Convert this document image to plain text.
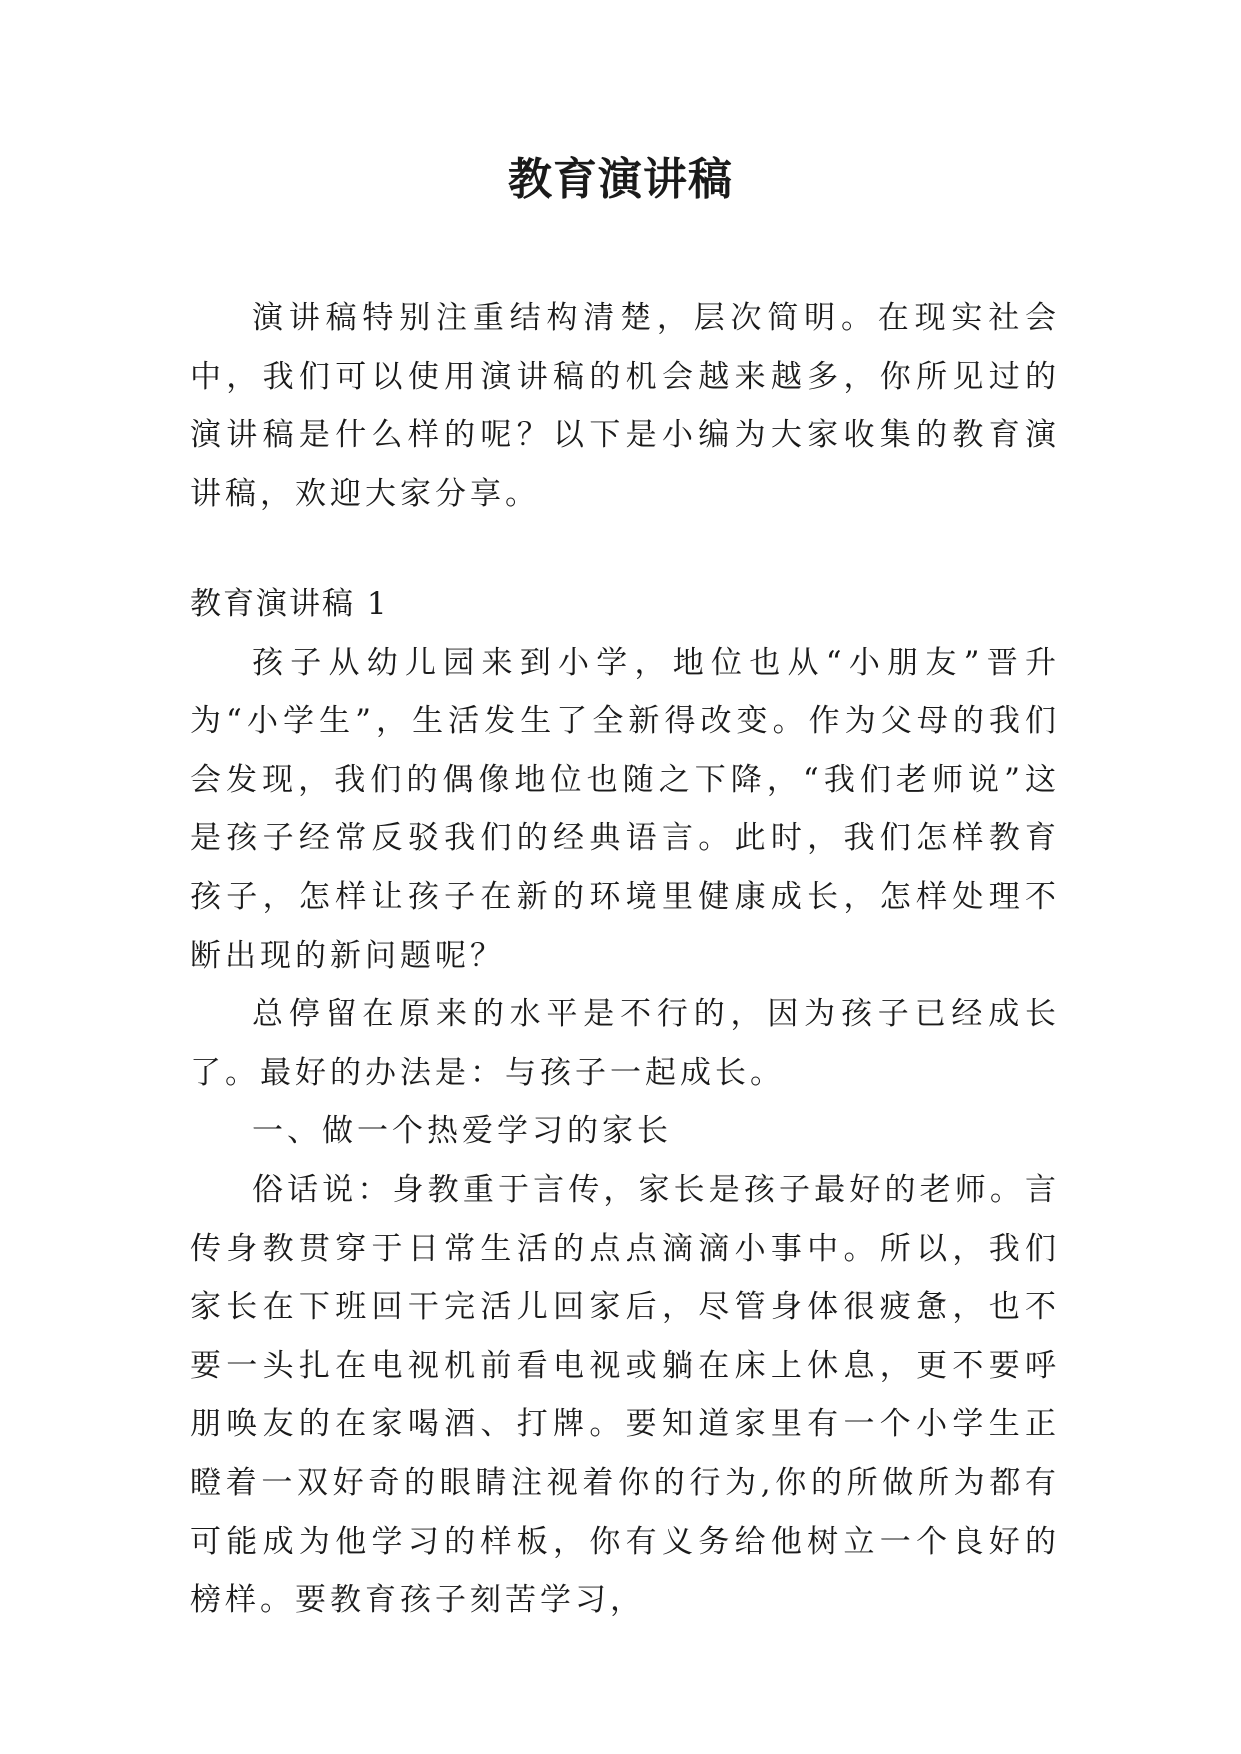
教育演讲稿

演讲稿特别注重结构清楚，层次简明。在现实社会中，我们可以使用演讲稿的机会越来越多，你所见过的演讲稿是什么样的呢？以下是小编为大家收集的教育演讲稿，欢迎大家分享。

教育演讲稿 1

孩子从幼儿园来到小学，地位也从“小朋友”晋升为“小学生”，生活发生了全新得改变。作为父母的我们会发现，我们的偶像地位也随之下降，“我们老师说”这是孩子经常反驳我们的经典语言。此时，我们怎样教育孩子，怎样让孩子在新的环境里健康成长，怎样处理不断出现的新问题呢？

总停留在原来的水平是不行的，因为孩子已经成长了。最好的办法是：与孩子一起成长。

一、做一个热爱学习的家长

俗话说：身教重于言传，家长是孩子最好的老师。言传身教贯穿于日常生活的点点滴滴小事中。所以，我们家长在下班回干完活儿回家后，尽管身体很疲惫，也不要一头扎在电视机前看电视或躺在床上休息，更不要呼朋唤友的在家喝酒、打牌。要知道家里有一个小学生正瞪着一双好奇的眼睛注视着你的行为,你的所做所为都有可能成为他学习的样板，你有义务给他树立一个良好的榜样。要教育孩子刻苦学习，
